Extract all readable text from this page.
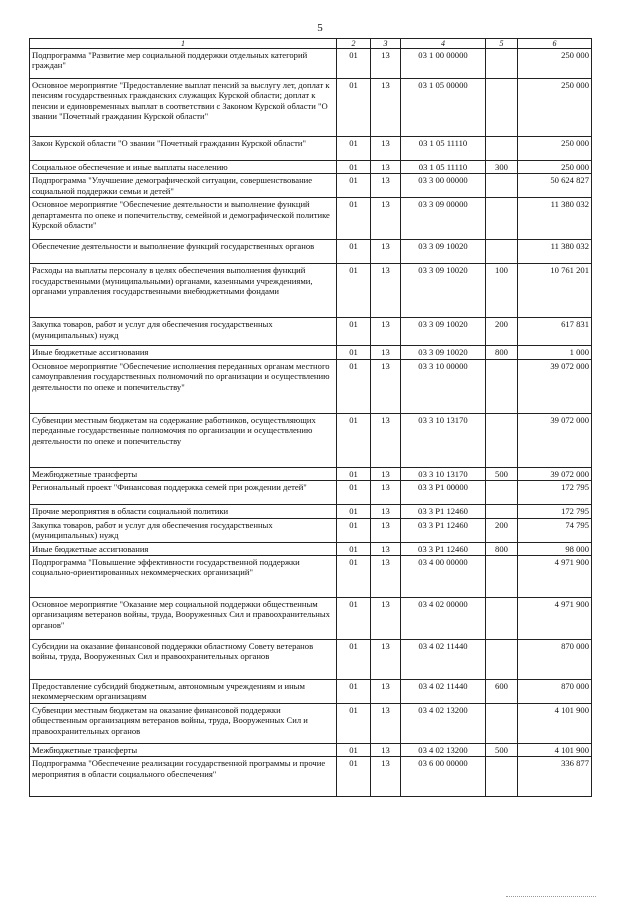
5
1	2	3	4	5	6
Подпрограмма "Развитие мер социальной поддержки отдельных категорий граждан"	01	13	03 1 00 00000		250 000
Основное мероприятие "Предоставление выплат пенсий за выслугу лет, доплат к пенсиям государственных гражданских служащих Курской области; доплат к пенсии и единовременных выплат в соответствии с Законом Курской области "О звании "Почетный гражданин Курской области"	01	13	03 1 05 00000		250 000
Закон Курской области "О звании "Почетный гражданин Курской области"	01	13	03 1 05 11110		250 000
Социальное обеспечение и иные выплаты населению	01	13	03 1 05 11110	300	250 000
Подпрограмма "Улучшение демографической ситуации, совершенствование социальной поддержки семьи и детей"	01	13	03 3 00 00000		50 624 827
Основное мероприятие "Обеспечение деятельности и выполнение функций департамента по опеке и попечительству, семейной и демографической политике Курской области"	01	13	03 3 09 00000		11 380 032
Обеспечение деятельности и выполнение функций государственных органов	01	13	03 3 09 10020		11 380 032
Расходы на выплаты персоналу в целях обеспечения выполнения функций государственными (муниципальными) органами, казенными учреждениями, органами управления государственными внебюджетными фондами	01	13	03 3 09 10020	100	10 761 201
Закупка товаров, работ и услуг для обеспечения государственных (муниципальных) нужд	01	13	03 3 09 10020	200	617 831
Иные бюджетные ассигнования	01	13	03 3 09 10020	800	1 000
Основное мероприятие "Обеспечение исполнения переданных органам местного самоуправления государственных полномочий по организации и осуществлению деятельности по опеке и попечительству"	01	13	03 3 10 00000		39 072 000
Субвенции местным бюджетам на содержание работников, осуществляющих переданные государственные полномочия по организации и осуществлению деятельности по опеке и попечительству	01	13	03 3 10 13170		39 072 000
Межбюджетные трансферты	01	13	03 3 10 13170	500	39 072 000
Региональный проект "Финансовая поддержка семей при рождении детей"	01	13	03 3 P1 00000		172 795
Прочие мероприятия в области социальной политики	01	13	03 3 P1 12460		172 795
Закупка товаров, работ и услуг для обеспечения государственных (муниципальных) нужд	01	13	03 3 P1 12460	200	74 795
Иные бюджетные ассигнования	01	13	03 3 P1 12460	800	98 000
Подпрограмма "Повышение эффективности государственной поддержки социально-ориентированных некоммерческих организаций"	01	13	03 4 00 00000		4 971 900
Основное мероприятие "Оказание мер социальной поддержки общественным организациям ветеранов войны, труда, Вооруженных Сил и правоохранительных органов"	01	13	03 4 02 00000		4 971 900
Субсидии на оказание финансовой поддержки областному Совету ветеранов войны, труда, Вооруженных Сил и правоохранительных органов	01	13	03 4 02 11440		870 000
Предоставление субсидий бюджетным, автономным учреждениям и иным некоммерческим организациям	01	13	03 4 02 11440	600	870 000
Субвенции местным бюджетам на оказание финансовой поддержки общественным организациям ветеранов войны, труда, Вооруженных Сил и правоохранительных органов	01	13	03 4 02 13200		4 101 900
Межбюджетные трансферты	01	13	03 4 02 13200	500	4 101 900
Подпрограмма "Обеспечение реализации государственной программы и прочие мероприятия в области социального обеспечения"	01	13	03 6 00 00000		336 877
